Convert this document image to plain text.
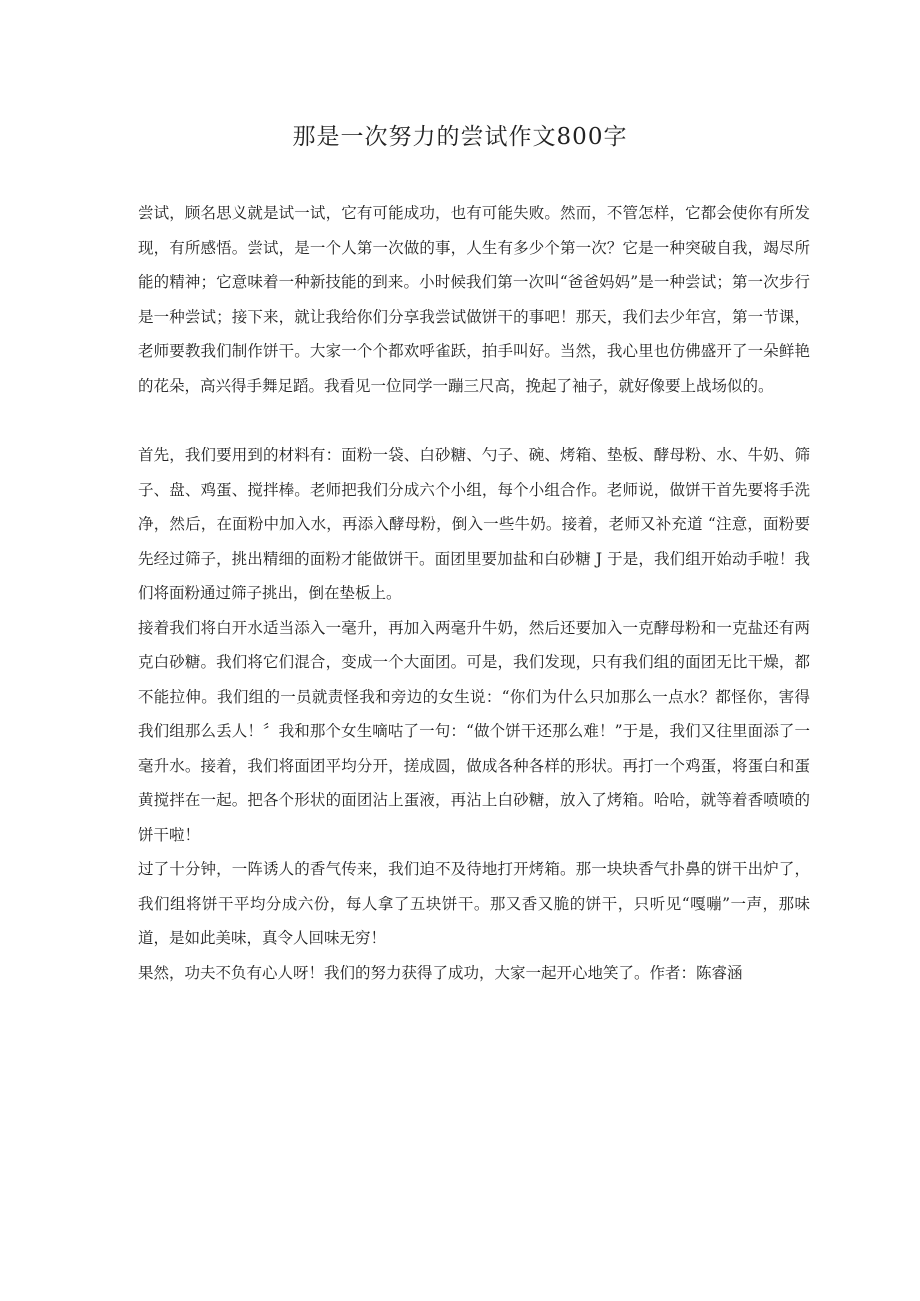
那是一次努力的尝试作文800字

尝试，顾名思义就是试一试，它有可能成功，也有可能失败。然而，不管怎样，它都会使你有所发现，有所感悟。尝试，是一个人第一次做的事，人生有多少个第一次？它是一种突破自我，竭尽所能的精神；它意味着一种新技能的到来。小时候我们第一次叫“爸爸妈妈”是一种尝试；第一次步行是一种尝试；接下来，就让我给你们分享我尝试做饼干的事吧！那天，我们去少年宫，第一节课，老师要教我们制作饼干。大家一个个都欢呼雀跃，拍手叫好。当然，我心里也仿佛盛开了一朵鲜艳的花朵，高兴得手舞足蹈。我看见一位同学一蹦三尺高，挽起了袖子，就好像要上战场似的。

首先，我们要用到的材料有：面粉一袋、白砂糖、勺子、碗、烤箱、垫板、酵母粉、水、牛奶、筛子、盘、鸡蛋、搅拌棒。老师把我们分成六个小组，每个小组合作。老师说，做饼干首先要将手洗净，然后，在面粉中加入水，再添入酵母粉，倒入一些牛奶。接着，老师又补充道 “注意，面粉要先经过筛子，挑出精细的面粉才能做饼干。面团里要加盐和白砂糖 J 于是，我们组开始动手啦！我们将面粉通过筛子挑出，倒在垫板上。

接着我们将白开水适当添入一毫升，再加入两毫升牛奶，然后还要加入一克酵母粉和一克盐还有两克白砂糖。我们将它们混合，变成一个大面团。可是，我们发现，只有我们组的面团无比干燥，都不能拉伸。我们组的一员就责怪我和旁边的女生说：“你们为什么只加那么一点水？都怪你，害得我们组那么丢人！〞我和那个女生嘀咕了一句：“做个饼干还那么难！”于是，我们又往里面添了一毫升水。接着，我们将面团平均分开，搓成圆，做成各种各样的形状。再打一个鸡蛋，将蛋白和蛋黄搅拌在一起。把各个形状的面团沾上蛋液，再沾上白砂糖，放入了烤箱。哈哈，就等着香喷喷的饼干啦！

过了十分钟，一阵诱人的香气传来，我们迫不及待地打开烤箱。那一块块香气扑鼻的饼干出炉了，我们组将饼干平均分成六份，每人拿了五块饼干。那又香又脆的饼干，只听见“嘎嘣”一声，那味道，是如此美味，真令人回味无穷！

果然，功夫不负有心人呀！我们的努力获得了成功，大家一起开心地笑了。作者：陈睿涵
